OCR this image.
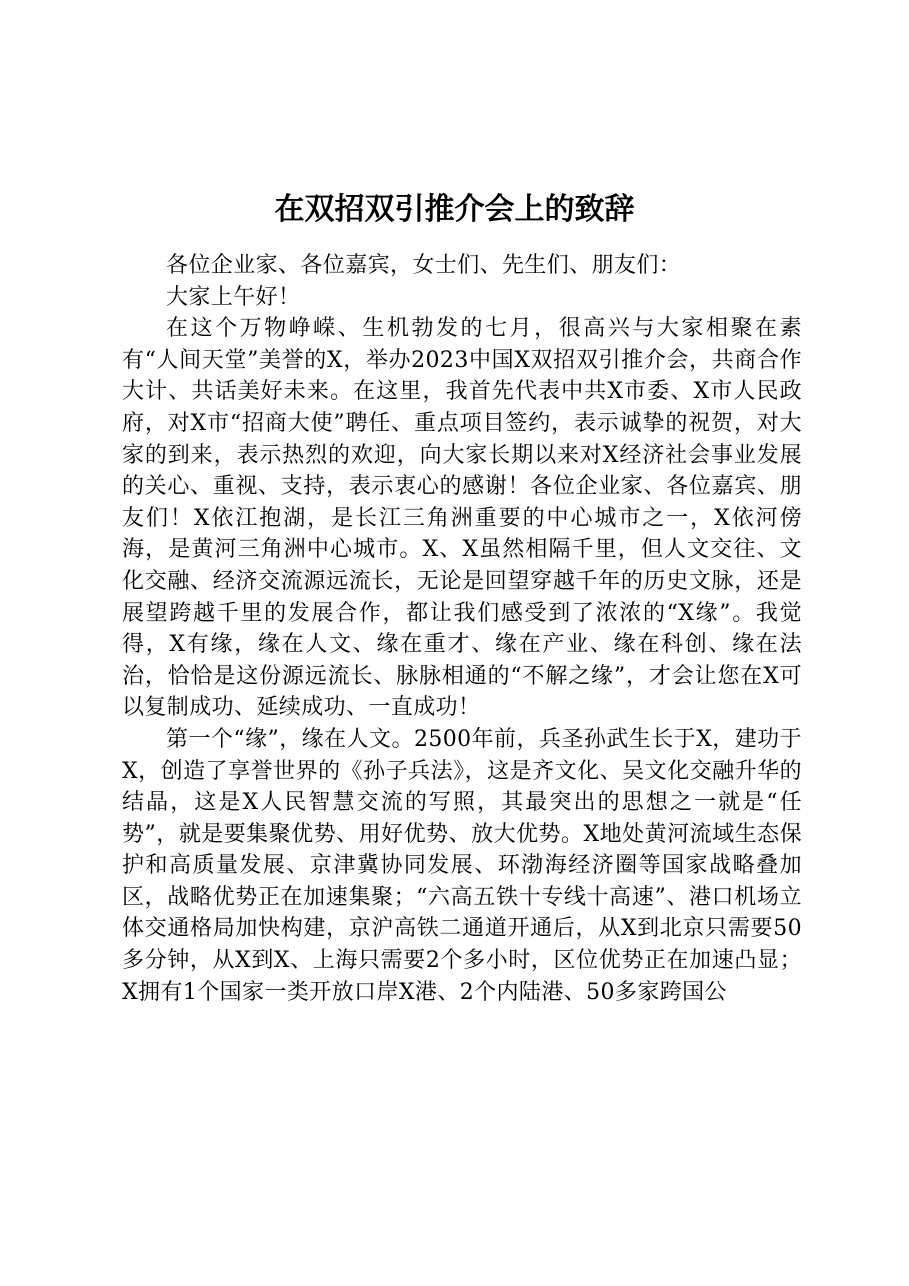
在双招双引推介会上的致辞

各位企业家、各位嘉宾，女士们、先生们、朋友们：

大家上午好！

在这个万物峥嵘、生机勃发的七月，很高兴与大家相聚在素有“人间天堂”美誉的X，举办2023中国X双招双引推介会，共商合作大计、共话美好未来。在这里，我首先代表中共X市委、X市人民政府，对X市“招商大使”聘任、重点项目签约，表示诚挚的祝贺，对大家的到来，表示热烈的欢迎，向大家长期以来对X经济社会事业发展的关心、重视、支持，表示衷心的感谢！各位企业家、各位嘉宾、朋友们！X依江抱湖，是长江三角洲重要的中心城市之一，X依河傍海，是黄河三角洲中心城市。X、X虽然相隔千里，但人文交往、文化交融、经济交流源远流长，无论是回望穿越千年的历史文脉，还是展望跨越千里的发展合作，都让我们感受到了浓浓的“X缘”。我觉得，X有缘，缘在人文、缘在重才、缘在产业、缘在科创、缘在法治，恰恰是这份源远流长、脉脉相通的“不解之缘”，才会让您在X可以复制成功、延续成功、一直成功！

第一个“缘”，缘在人文。2500年前，兵圣孙武生长于X，建功于X，创造了享誉世界的《孙子兵法》，这是齐文化、吴文化交融升华的结晶，这是X人民智慧交流的写照，其最突出的思想之一就是“任势”，就是要集聚优势、用好优势、放大优势。X地处黄河流域生态保护和高质量发展、京津冀协同发展、环渤海经济圈等国家战略叠加区，战略优势正在加速集聚；“六高五铁十专线十高速”、港口机场立体交通格局加快构建，京沪高铁二通道开通后，从X到北京只需要50多分钟，从X到X、上海只需要2个多小时，区位优势正在加速凸显；X拥有1个国家一类开放口岸X港、2个内陆港、50多家跨国公
